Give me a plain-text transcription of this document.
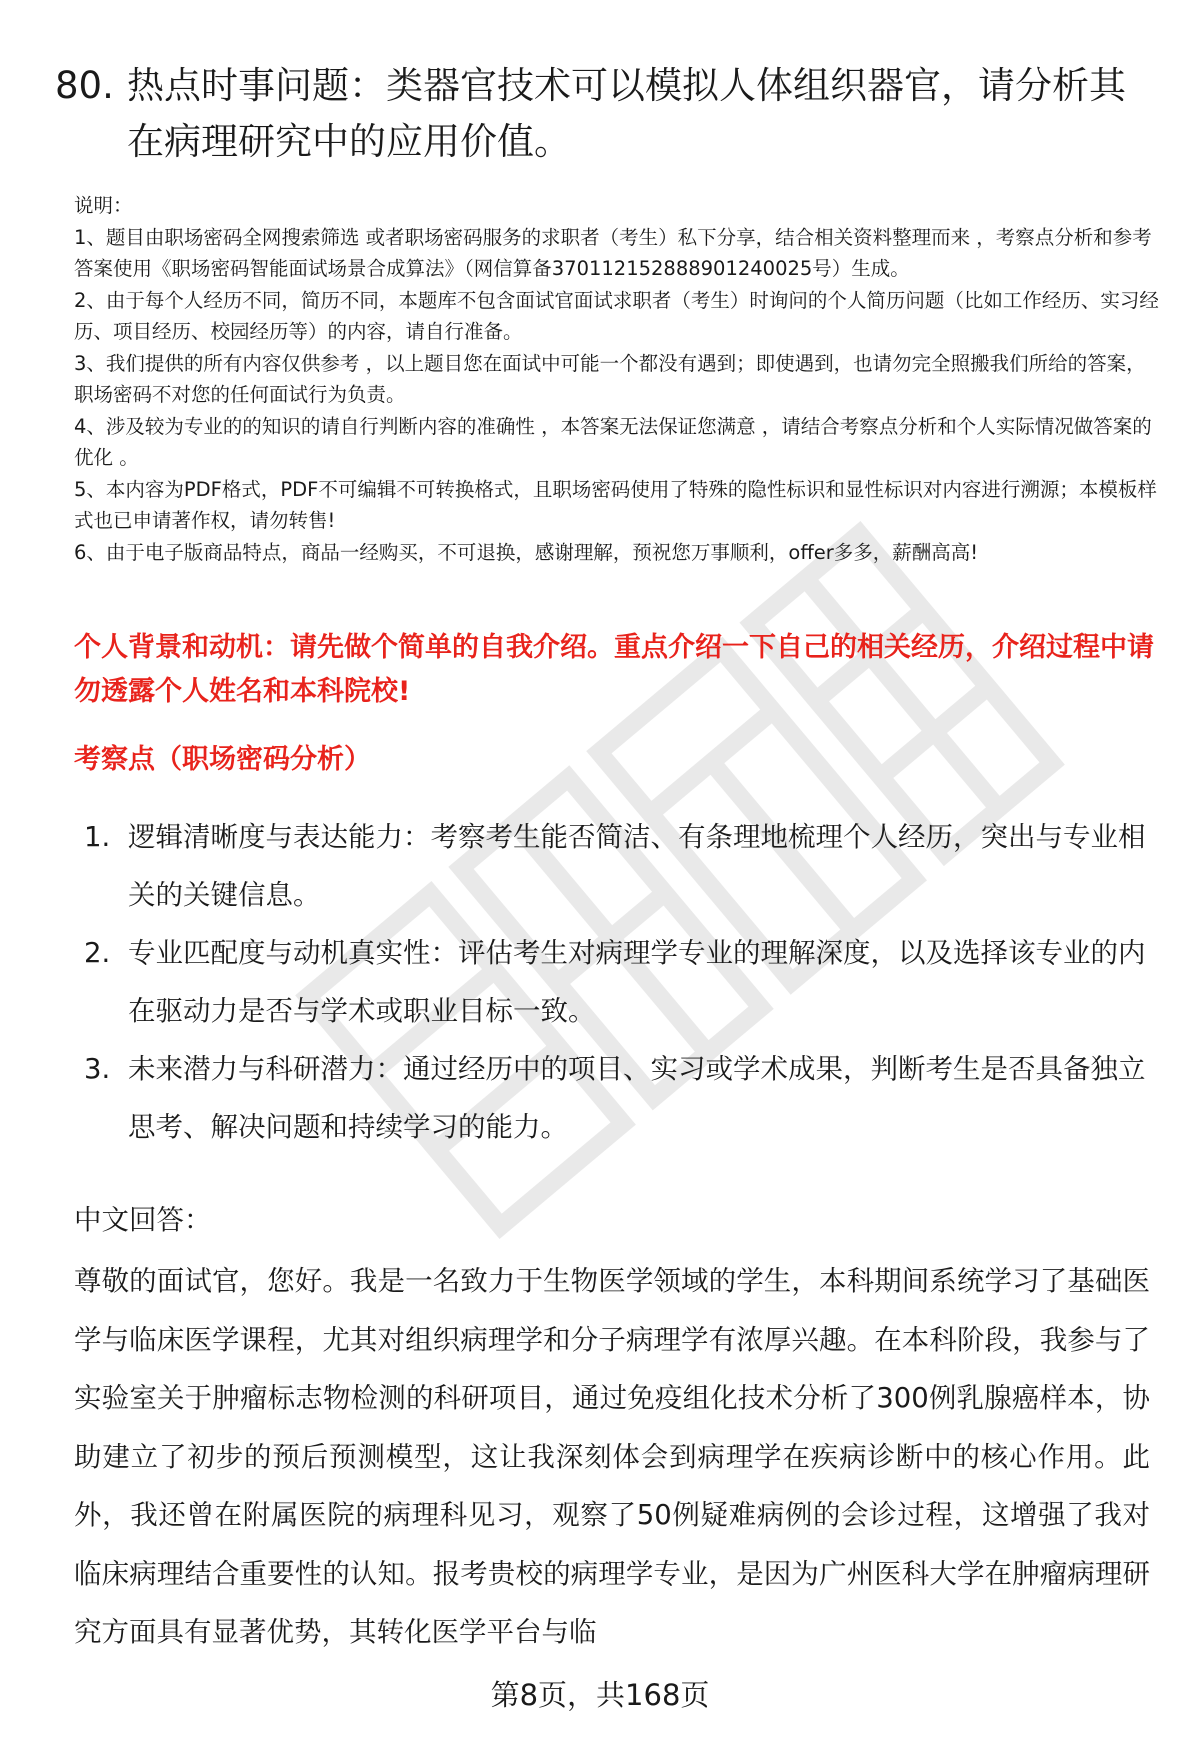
80. 热点时事问题：类器官技术可以模拟人体组织器官，请分析其在病理研究中的应用价值。

说明：

1、题目由职场密码全网搜索筛选 或者职场密码服务的求职者（考生）私下分享，结合相关资料整理而来 ，考察点分析和参考答案使用《职场密码智能面试场景合成算法》（网信算备370112152888901240025号）生成。

2、由于每个人经历不同，简历不同，本题库不包含面试官面试求职者（考生）时询问的个人简历问题（比如工作经历、实习经历、项目经历、校园经历等）的内容，请自行准备。

3、我们提供的所有内容仅供参考 ，以上题目您在面试中可能一个都没有遇到；即使遇到，也请勿完全照搬我们所给的答案，职场密码不对您的任何面试行为负责。

4、涉及较为专业的的知识的请自行判断内容的准确性 ，本答案无法保证您满意 ，请结合考察点分析和个人实际情况做答案的优化 。

5、本内容为PDF格式，PDF不可编辑不可转换格式，且职场密码使用了特殊的隐性标识和显性标识对内容进行溯源；本模板样式也已申请著作权，请勿转售!

6、由于电子版商品特点，商品一经购买，不可退换，感谢理解，预祝您万事顺利，offer多多，薪酬高高!

个人背景和动机：请先做个简单的自我介绍。重点介绍一下自己的相关经历，介绍过程中请勿透露个人姓名和本科院校!
考察点（职场密码分析）
1. 逻辑清晰度与表达能力：考察考生能否简洁、有条理地梳理个人经历，突出与专业相关的关键信息。
2. 专业匹配度与动机真实性：评估考生对病理学专业的理解深度，以及选择该专业的内在驱动力是否与学术或职业目标一致。
3. 未来潜力与科研潜力：通过经历中的项目、实习或学术成果，判断考生是否具备独立思考、解决问题和持续学习的能力。
中文回答：

尊敬的面试官，您好。我是一名致力于生物医学领域的学生，本科期间系统学习了基础医学与临床医学课程，尤其对组织病理学和分子病理学有浓厚兴趣。在本科阶段，我参与了实验室关于肿瘤标志物检测的科研项目，通过免疫组化技术分析了300例乳腺癌样本，协助建立了初步的预后预测模型，这让我深刻体会到病理学在疾病诊断中的核心作用。此外，我还曾在附属医院的病理科见习，观察了50例疑难病例的会诊过程，这增强了我对临床病理结合重要性的认知。报考贵校的病理学专业，是因为广州医科大学在肿瘤病理研究方面具有显著优势，其转化医学平台与临

第8页，共168页
